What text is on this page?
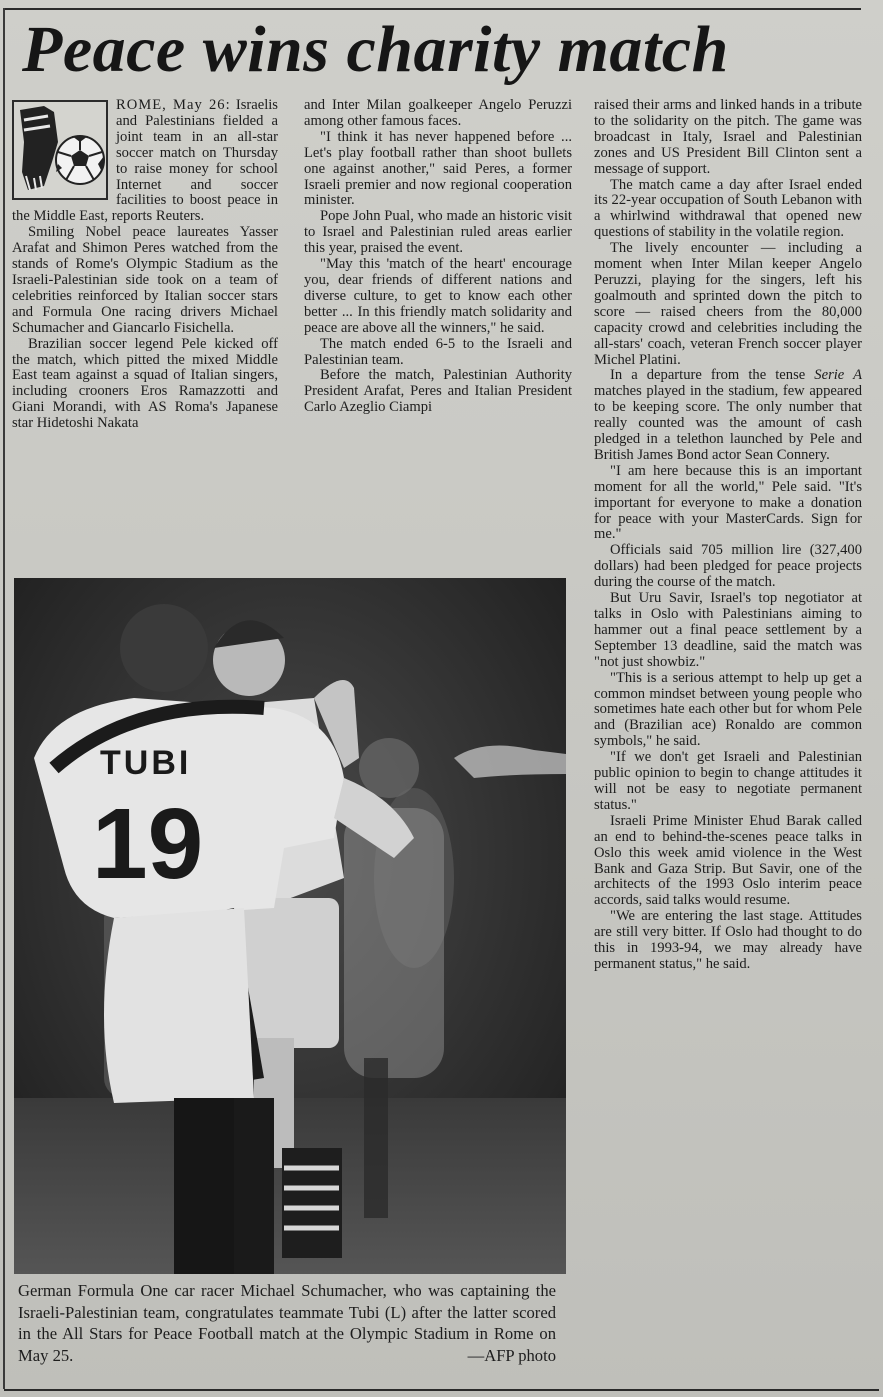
Peace wins charity match

ROME, May 26: Israelis and Palestinians fielded a joint team in an all-star soccer match on Thursday to raise money for school Internet and soccer facilities to boost peace in the Middle East, reports Reuters.

Smiling Nobel peace laureates Yasser Arafat and Shimon Peres watched from the stands of Rome's Olympic Stadium as the Israeli-Palestinian side took on a team of celebrities reinforced by Italian soccer stars and Formula One racing drivers Michael Schumacher and Giancarlo Fisichella.

Brazilian soccer legend Pele kicked off the match, which pitted the mixed Middle East team against a squad of Italian singers, including crooners Eros Ramazzotti and Giani Morandi, with AS Roma's Japanese star Hidetoshi Nakata

and Inter Milan goalkeeper Angelo Peruzzi among other famous faces.

"I think it has never happened before ... Let's play football rather than shoot bullets one against another," said Peres, a former Israeli premier and now regional cooperation minister.

Pope John Pual, who made an historic visit to Israel and Palestinian ruled areas earlier this year, praised the event.

"May this 'match of the heart' encourage you, dear friends of different nations and diverse culture, to get to know each other better ... In this friendly match solidarity and peace are above all the winners," he said.

The match ended 6-5 to the Israeli and Palestinian team.

Before the match, Palestinian Authority President Arafat, Peres and Italian President Carlo Azeglio Ciampi

raised their arms and linked hands in a tribute to the solidarity on the pitch. The game was broadcast in Italy, Israel and Palestinian zones and US President Bill Clinton sent a message of support.

The match came a day after Israel ended its 22-year occupation of South Lebanon with a whirlwind withdrawal that opened new questions of stability in the volatile region.

The lively encounter — including a moment when Inter Milan keeper Angelo Peruzzi, playing for the singers, left his goalmouth and sprinted down the pitch to score — raised cheers from the 80,000 capacity crowd and celebrities including the all-stars' coach, veteran French soccer player Michel Platini.

In a departure from the tense Serie A matches played in the stadium, few appeared to be keeping score. The only number that really counted was the amount of cash pledged in a telethon launched by Pele and British James Bond actor Sean Connery.

"I am here because this is an important moment for all the world," Pele said. "It's important for everyone to make a donation for peace with your MasterCards. Sign for me."

Officials said 705 million lire (327,400 dollars) had been pledged for peace projects during the course of the match.

But Uru Savir, Israel's top negotiator at talks in Oslo with Palestinians aiming to hammer out a final peace settlement by a September 13 deadline, said the match was "not just showbiz."

"This is a serious attempt to help up get a common mindset between young people who sometimes hate each other but for whom Pele and (Brazilian ace) Ronaldo are common symbols," he said.

"If we don't get Israeli and Palestinian public opinion to begin to change attitudes it will not be easy to negotiate permanent status."

Israeli Prime Minister Ehud Barak called an end to behind-the-scenes peace talks in Oslo this week amid violence in the West Bank and Gaza Strip. But Savir, one of the architects of the 1993 Oslo interim peace accords, said talks would resume.

"We are entering the last stage. Attitudes are still very bitter. If Oslo had thought to do this in 1993-94, we may already have permanent status," he said.

TUBI
19
German Formula One car racer Michael Schumacher, who was captaining the Israeli-Palestinian team, congratulates teammate Tubi (L) after the latter scored in the All Stars for Peace Football match at the Olympic Stadium in Rome on May 25.	—AFP photo
